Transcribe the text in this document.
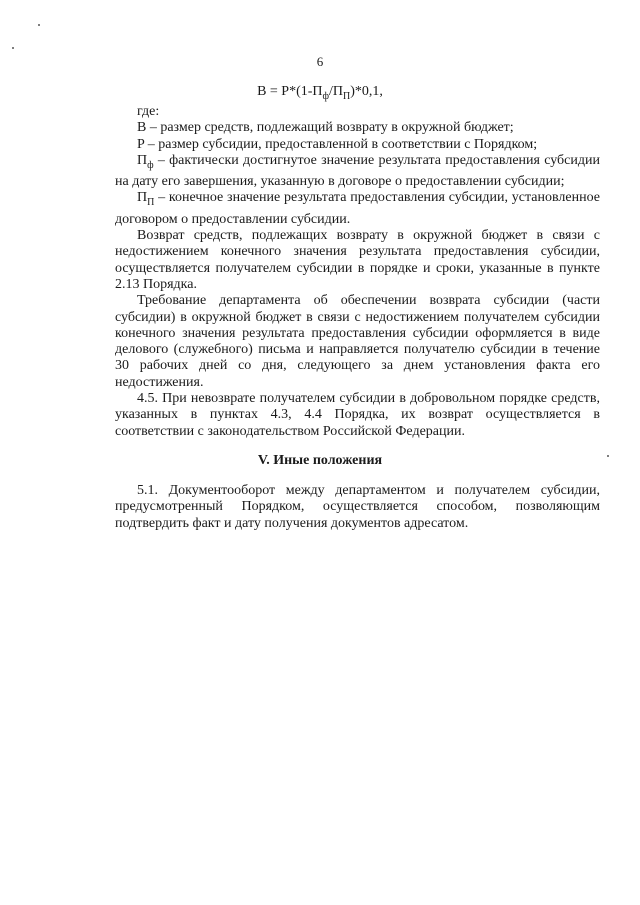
6
$B = P*(1-П_ф/П_П)*0,1$,

где:

B – размер средств, подлежащий возврату в окружной бюджет;

P – размер субсидии, предоставленной в соответствии с Порядком;

$П_ф$ – фактически достигнутое значение результата предоставления субсидии на дату его завершения, указанную в договоре о предоставлении субсидии;

$П_П$ – конечное значение результата предоставления субсидии, установленное договором о предоставлении субсидии.

Возврат средств, подлежащих возврату в окружной бюджет в связи с недостижением конечного значения результата предоставления субсидии, осуществляется получателем субсидии в порядке и сроки, указанные в пункте 2.13 Порядка.

Требование департамента об обеспечении возврата субсидии (части субсидии) в окружной бюджет в связи с недостижением получателем субсидии конечного значения результата предоставления субсидии оформляется в виде делового (служебного) письма и направляется получателю субсидии в течение 30 рабочих дней со дня, следующего за днем установления факта его недостижения.

4.5. При невозврате получателем субсидии в добровольном порядке средств, указанных в пунктах 4.3, 4.4 Порядка, их возврат осуществляется в соответствии с законодательством Российской Федерации.

V. Иные положения

5.1. Документооборот между департаментом и получателем субсидии, предусмотренный Порядком, осуществляется способом, позволяющим подтвердить факт и дату получения документов адресатом.
